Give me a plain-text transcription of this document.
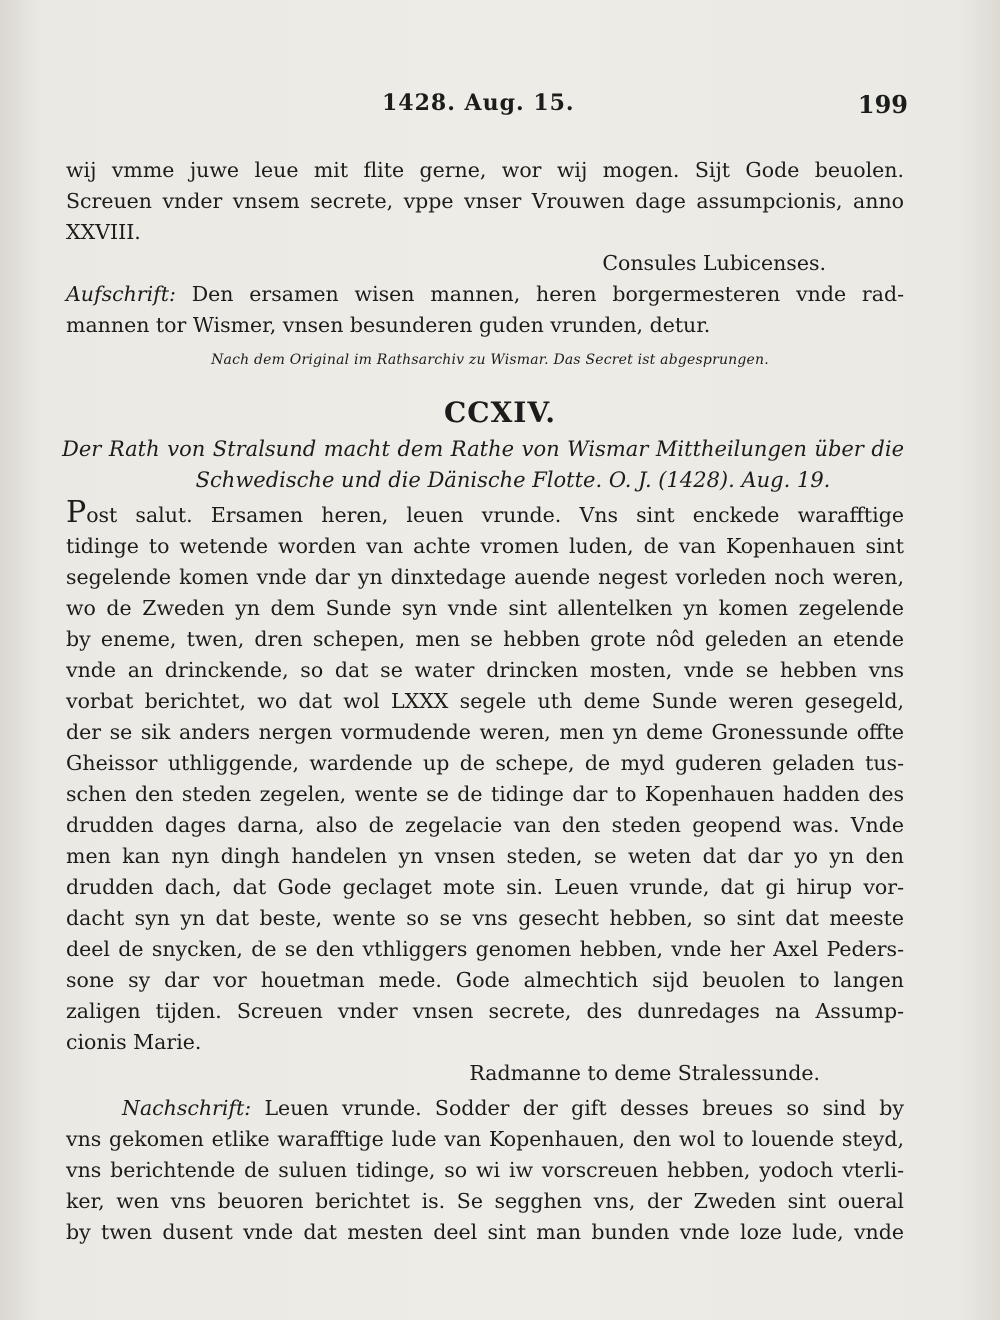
1428. Aug. 15.	199
wij vmme juwe leue mit flite gerne, wor wij mogen. Sijt Gode beuolen.
Screuen vnder vnsem secrete, vppe vnser Vrouwen dage assumpcionis, anno
XXVIII.
Consules Lubicenses.
Aufschrift: Den ersamen wisen mannen, heren borgermesteren vnde rad-
mannen tor Wismer, vnsen besunderen guden vrunden, detur.
Nach dem Original im Rathsarchiv zu Wismar. Das Secret ist abgesprungen.
CCXIV.
Der Rath von Stralsund macht dem Rathe von Wismar Mittheilungen über die
Schwedische und die Dänische Flotte. O. J. (1428). Aug. 19.
Post salut. Ersamen heren, leuen vrunde. Vns sint enckede warafftige
tidinge to wetende worden van achte vromen luden, de van Kopenhauen sint
segelende komen vnde dar yn dinxtedage auende negest vorleden noch weren,
wo de Zweden yn dem Sunde syn vnde sint allentelken yn komen zegelende
by eneme, twen, dren schepen, men se hebben grote nôd geleden an etende
vnde an drinckende, so dat se water drincken mosten, vnde se hebben vns
vorbat berichtet, wo dat wol LXXX segele uth deme Sunde weren gesegeld,
der se sik anders nergen vormudende weren, men yn deme Gronessunde offte
Gheissor uthliggende, wardende up de schepe, de myd guderen geladen tus-
schen den steden zegelen, wente se de tidinge dar to Kopenhauen hadden des
drudden dages darna, also de zegelacie van den steden geopend was. Vnde
men kan nyn dingh handelen yn vnsen steden, se weten dat dar yo yn den
drudden dach, dat Gode geclaget mote sin. Leuen vrunde, dat gi hirup vor-
dacht syn yn dat beste, wente so se vns gesecht hebben, so sint dat meeste
deel de snycken, de se den vthliggers genomen hebben, vnde her Axel Peders-
sone sy dar vor houetman mede. Gode almechtich sijd beuolen to langen
zaligen tijden. Screuen vnder vnsen secrete, des dunredages na Assump-
cionis Marie.
Radmanne to deme Stralessunde.
Nachschrift: Leuen vrunde. Sodder der gift desses breues so sind by
vns gekomen etlike warafftige lude van Kopenhauen, den wol to louende steyd,
vns berichtende de suluen tidinge, so wi iw vorscreuen hebben, yodoch vterli-
ker, wen vns beuoren berichtet is. Se segghen vns, der Zweden sint oueral
by twen dusent vnde dat mesten deel sint man bunden vnde loze lude, vnde
